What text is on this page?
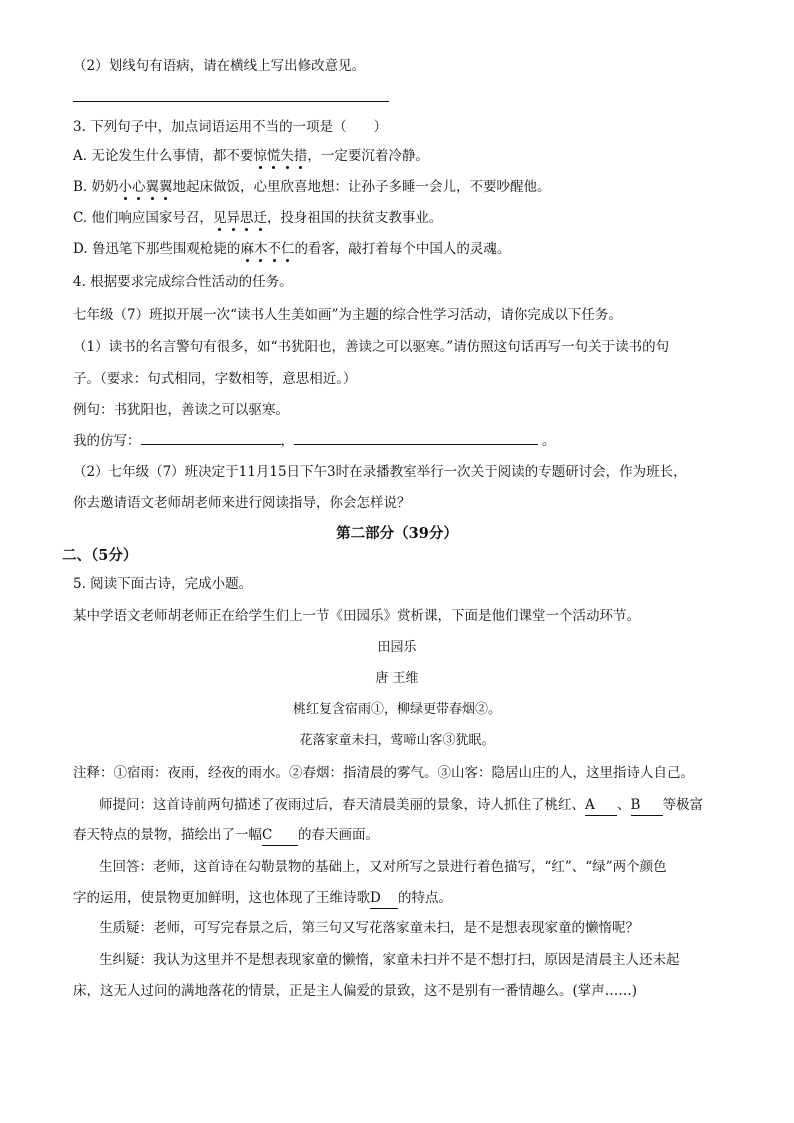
（2）划线句有语病，请在横线上写出修改意见。
3. 下列句子中，加点词语运用不当的一项是（　　）
A. 无论发生什么事情，都不要惊慌失措，一定要沉着冷静。
B. 奶奶小心翼翼地起床做饭，心里欣喜地想：让孙子多睡一会儿，不要吵醒他。
C. 他们响应国家号召，见异思迁，投身祖国的扶贫支教事业。
D. 鲁迅笔下那些围观枪毙的麻木不仁的看客，敲打着每个中国人的灵魂。
4. 根据要求完成综合性活动的任务。
七年级（7）班拟开展一次“读书人生美如画”为主题的综合性学习活动，请你完成以下任务。
（1）读书的名言警句有很多，如“书犹阳也，善读之可以驱寒。”请仿照这句话再写一句关于读书的句
子。（要求：句式相同，字数相等，意思相近。）
例句：书犹阳也，善读之可以驱寒。
我的仿写：	，	。
（2）七年级（7）班决定于11月15日下午3时在录播教室举行一次关于阅读的专题研讨会，作为班长，
你去邀请语文老师胡老师来进行阅读指导，你会怎样说？
第二部分（39分）
二、（5分）
5. 阅读下面古诗，完成小题。
某中学语文老师胡老师正在给学生们上一节《田园乐》赏析课，下面是他们课堂一个活动环节。
田园乐
唐 王维
桃红复含宿雨①，柳绿更带春烟②。
花落家童未扫，莺啼山客③犹眠。
注释：①宿雨：夜雨，经夜的雨水。②春烟：指清晨的雾气。③山客：隐居山庄的人，这里指诗人自己。
师提问：这首诗前两句描述了夜雨过后，春天清晨美丽的景象，诗人抓住了桃红、A 、B 等极富
春天特点的景物，描绘出了一幅C 的春天画面。
生回答：老师，这首诗在勾勒景物的基础上，又对所写之景进行着色描写，“红”、“绿”两个颜色
字的运用，使景物更加鲜明，这也体现了王维诗歌D 的特点。
生质疑：老师，可写完春景之后，第三句又写花落家童未扫，是不是想表现家童的懒惰呢？
生纠疑：我认为这里并不是想表现家童的懒惰，家童未扫并不是不想打扫，原因是清晨主人还未起
床，这无人过问的满地落花的情景，正是主人偏爱的景致，这不是别有一番情趣么。(掌声……)
